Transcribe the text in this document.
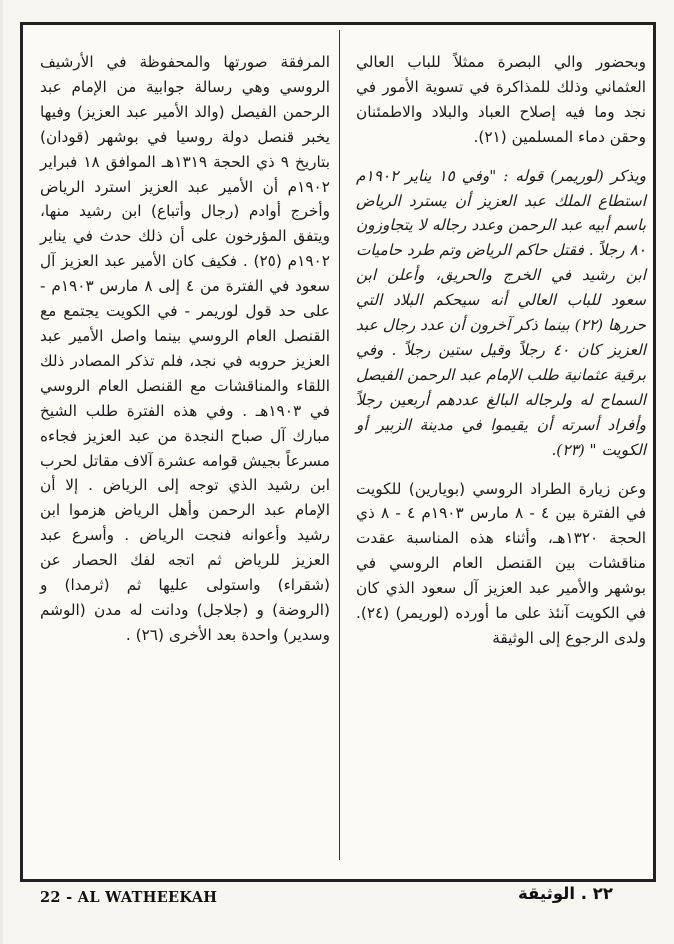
وبحضور والي البصرة ممثلاً للباب العالي العثماني وذلك للمذاكرة في تسوية الأمور في نجد وما فيه إصلاح العباد والبلاد والاطمئنان وحقن دماء المسلمين (٢١).

ويذكر (لوريمر) قوله : "وفي ١٥ يناير ١٩٠٢م استطاع الملك عبد العزيز أن يسترد الرياض باسم أبيه عبد الرحمن وعدد رجاله لا يتجاوزون ٨٠ رجلاً . فقتل حاكم الرياض وتم طرد حاميات ابن رشيد في الخرج والحريق، وأعلن ابن سعود للباب العالي أنه سيحكم البلاد التي حررها (٢٢) بينما ذكر آخرون أن عدد رجال عبد العزيز كان ٤٠ رجلاً وقيل ستين رجلاً . وفي برقية عثمانية طلب الإمام عبد الرحمن الفيصل السماح له ولرجاله البالغ عددهم أربعين رجلاً وأفراد أسرته أن يقيموا في مدينة الزبير أو الكويت " (٢٣).

وعن زيارة الطراد الروسي (بويارين) للكويت في الفترة بين ٤ - ٨ مارس ١٩٠٣م ٤ - ٨ ذي الحجة ١٣٢٠هـ، وأثناء هذه المناسبة عقدت مناقشات بين القنصل العام الروسي في بوشهر والأمير عبد العزيز آل سعود الذي كان في الكويت آنئذ على ما أورده (لوريمر) (٢٤). ولدى الرجوع إلى الوثيقة

المرفقة صورتها والمحفوظة في الأرشيف الروسي وهي رسالة جوابية من الإمام عبد الرحمن الفيصل (والد الأمير عبد العزيز) وفيها يخبر قنصل دولة روسيا في بوشهر (قودان) بتاريخ ٩ ذي الحجة ١٣١٩هـ الموافق ١٨ فبراير ١٩٠٢م أن الأمير عبد العزيز استرد الرياض وأخرج أوادم (رجال وأتباع) ابن رشيد منها، ويتفق المؤرخون على أن ذلك حدث في يناير ١٩٠٢م (٢٥) . فكيف كان الأمير عبد العزيز آل سعود في الفترة من ٤ إلى ٨ مارس ١٩٠٣م - على حد قول لوريمر - في الكويت يجتمع مع القنصل العام الروسي بينما واصل الأمير عبد العزيز حروبه في نجد، فلم تذكر المصادر ذلك اللقاء والمناقشات مع القنصل العام الروسي في ١٩٠٣هـ . وفي هذه الفترة طلب الشيخ مبارك آل صباح النجدة من عبد العزيز فجاءه مسرعاً بجيش قوامه عشرة آلاف مقاتل لحرب ابن رشيد الذي توجه إلى الرياض . إلا أن الإمام عبد الرحمن وأهل الرياض هزموا ابن رشيد وأعوانه فنجت الرياض . وأسرع عبد العزيز للرياض ثم اتجه لفك الحصار عن (شقراء) واستولى عليها ثم (ثرمدا) و (الروضة) و (جلاجل) ودانت له مدن (الوشم وسدير) واحدة بعد الأخرى (٢٦) .

22 - AL WATHEEKAH	٢٢ . الوثيقة
